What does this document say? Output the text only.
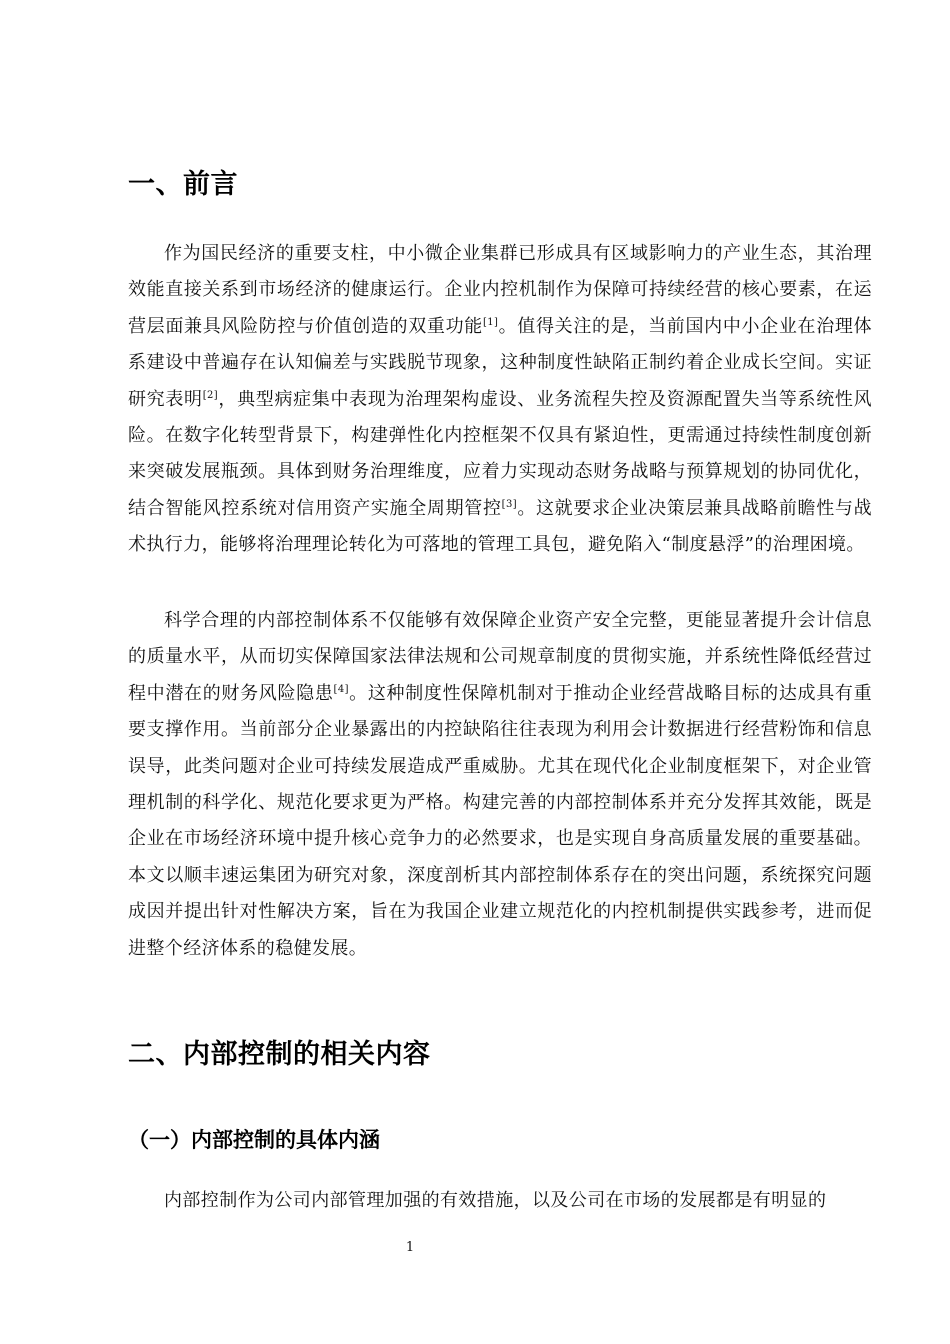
一、前言

作为国民经济的重要支柱，中小微企业集群已形成具有区域影响力的产业生态，其治理效能直接关系到市场经济的健康运行。企业内控机制作为保障可持续经营的核心要素，在运营层面兼具风险防控与价值创造的双重功能[1]。值得关注的是，当前国内中小企业在治理体系建设中普遍存在认知偏差与实践脱节现象，这种制度性缺陷正制约着企业成长空间。实证研究表明[2]，典型病症集中表现为治理架构虚设、业务流程失控及资源配置失当等系统性风险。在数字化转型背景下，构建弹性化内控框架不仅具有紧迫性，更需通过持续性制度创新来突破发展瓶颈。具体到财务治理维度，应着力实现动态财务战略与预算规划的协同优化，结合智能风控系统对信用资产实施全周期管控[3]。这就要求企业决策层兼具战略前瞻性与战术执行力，能够将治理理论转化为可落地的管理工具包，避免陷入“制度悬浮”的治理困境。

科学合理的内部控制体系不仅能够有效保障企业资产安全完整，更能显著提升会计信息的质量水平，从而切实保障国家法律法规和公司规章制度的贯彻实施，并系统性降低经营过程中潜在的财务风险隐患[4]。这种制度性保障机制对于推动企业经营战略目标的达成具有重要支撑作用。当前部分企业暴露出的内控缺陷往往表现为利用会计数据进行经营粉饰和信息误导，此类问题对企业可持续发展造成严重威胁。尤其在现代化企业制度框架下，对企业管理机制的科学化、规范化要求更为严格。构建完善的内部控制体系并充分发挥其效能，既是企业在市场经济环境中提升核心竞争力的必然要求，也是实现自身高质量发展的重要基础。本文以顺丰速运集团为研究对象，深度剖析其内部控制体系存在的突出问题，系统探究问题成因并提出针对性解决方案，旨在为我国企业建立规范化的内控机制提供实践参考，进而促进整个经济体系的稳健发展。

二、内部控制的相关内容
（一）内部控制的具体内涵

内部控制作为公司内部管理加强的有效措施，以及公司在市场的发展都是有明显的

1
